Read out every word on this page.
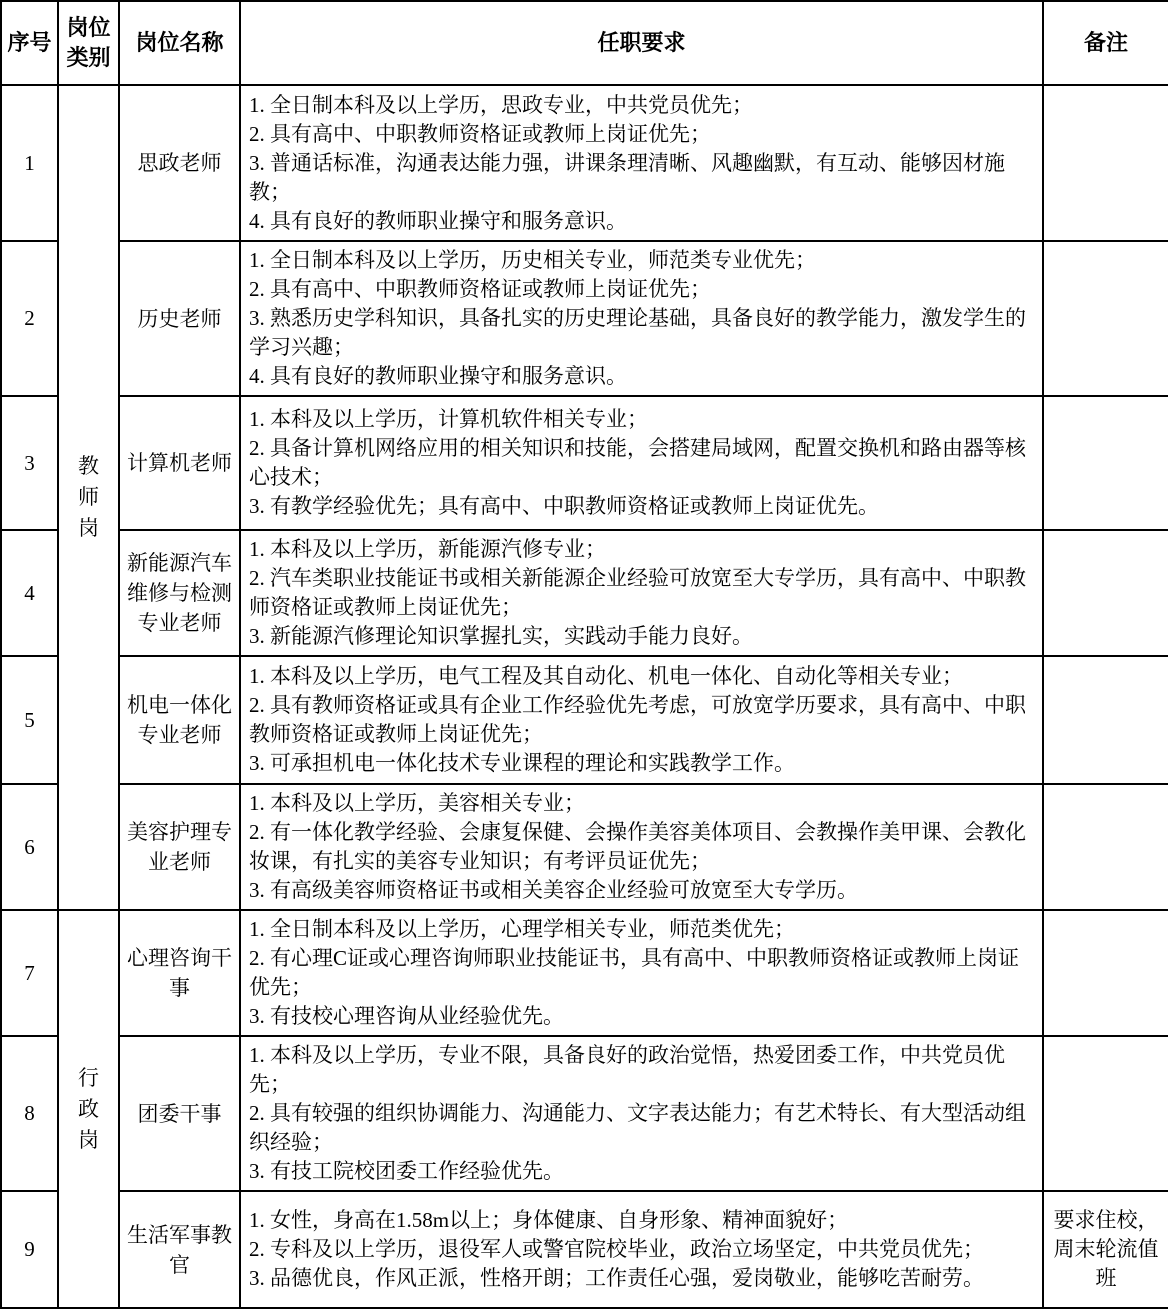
序号	岗位类别	岗位名称	任职要求	备注
1	教师岗	思政老师	1. 全日制本科及以上学历，思政专业，中共党员优先；
2. 具有高中、中职教师资格证或教师上岗证优先；
3. 普通话标准，沟通表达能力强，讲课条理清晰、风趣幽默，有互动、能够因材施教；
4. 具有良好的教师职业操守和服务意识。	

2		历史老师	1. 全日制本科及以上学历，历史相关专业，师范类专业优先；
2. 具有高中、中职教师资格证或教师上岗证优先；
3. 熟悉历史学科知识，具备扎实的历史理论基础，具备良好的教学能力，激发学生的学习兴趣；
4. 具有良好的教师职业操守和服务意识。	

3		计算机老师	1. 本科及以上学历，计算机软件相关专业；
2. 具备计算机网络应用的相关知识和技能，会搭建局域网，配置交换机和路由器等核心技术；
3. 有教学经验优先；具有高中、中职教师资格证或教师上岗证优先。	

4		新能源汽车维修与检测专业老师	1. 本科及以上学历，新能源汽修专业；
2. 汽车类职业技能证书或相关新能源企业经验可放宽至大专学历，具有高中、中职教师资格证或教师上岗证优先；
3. 新能源汽修理论知识掌握扎实，实践动手能力良好。	

5		机电一体化专业老师	1. 本科及以上学历，电气工程及其自动化、机电一体化、自动化等相关专业；
2. 具有教师资格证或具有企业工作经验优先考虑，可放宽学历要求，具有高中、中职教师资格证或教师上岗证优先；
3. 可承担机电一体化技术专业课程的理论和实践教学工作。	

6		美容护理专业老师	1. 本科及以上学历，美容相关专业；
2. 有一体化教学经验、会康复保健、会操作美容美体项目、会教操作美甲课、会教化妆课，有扎实的美容专业知识；有考评员证优先；
3. 有高级美容师资格证书或相关美容企业经验可放宽至大专学历。	

7	行政岗	心理咨询干事	1. 全日制本科及以上学历，心理学相关专业，师范类优先；
2. 有心理C证或心理咨询师职业技能证书，具有高中、中职教师资格证或教师上岗证优先；
3. 有技校心理咨询从业经验优先。	

8		团委干事	1. 本科及以上学历，专业不限，具备良好的政治觉悟，热爱团委工作，中共党员优先；
2. 具有较强的组织协调能力、沟通能力、文字表达能力；有艺术特长、有大型活动组织经验；
3. 有技工院校团委工作经验优先。	

9		生活军事教官	1. 女性，身高在1.58m以上；身体健康、自身形象、精神面貌好；
2. 专科及以上学历，退役军人或警官院校毕业，政治立场坚定，中共党员优先；
3. 品德优良，作风正派，性格开朗；工作责任心强，爱岗敬业，能够吃苦耐劳。	要求住校，周末轮流值班
